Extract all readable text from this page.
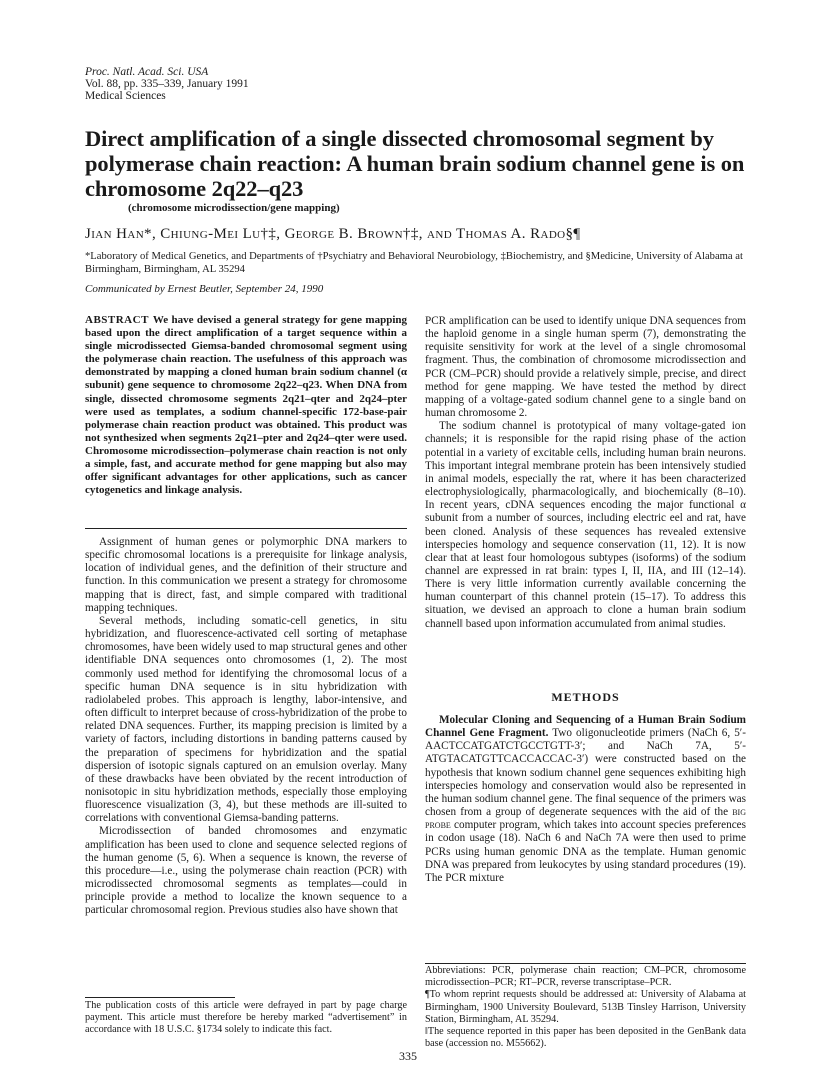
Proc. Natl. Acad. Sci. USA
Vol. 88, pp. 335–339, January 1991
Medical Sciences
Direct amplification of a single dissected chromosomal segment by polymerase chain reaction: A human brain sodium channel gene is on chromosome 2q22–q23
(chromosome microdissection/gene mapping)
Jian Han*, Chiung-Mei Lu†‡, George B. Brown†‡, and Thomas A. Rado§¶
*Laboratory of Medical Genetics, and Departments of †Psychiatry and Behavioral Neurobiology, ‡Biochemistry, and §Medicine, University of Alabama at Birmingham, Birmingham, AL 35294
Communicated by Ernest Beutler, September 24, 1990
ABSTRACT We have devised a general strategy for gene mapping based upon the direct amplification of a target sequence within a single microdissected Giemsa-banded chromosomal segment using the polymerase chain reaction. The usefulness of this approach was demonstrated by mapping a cloned human brain sodium channel (α subunit) gene sequence to chromosome 2q22–q23. When DNA from single, dissected chromosome segments 2q21–qter and 2q24–pter were used as templates, a sodium channel-specific 172-base-pair polymerase chain reaction product was obtained. This product was not synthesized when segments 2q21–pter and 2q24–qter were used. Chromosome microdissection–polymerase chain reaction is not only a simple, fast, and accurate method for gene mapping but also may offer significant advantages for other applications, such as cancer cytogenetics and linkage analysis.

Assignment of human genes or polymorphic DNA markers to specific chromosomal locations is a prerequisite for linkage analysis, location of individual genes, and the definition of their structure and function. In this communication we present a strategy for chromosome mapping that is direct, fast, and simple compared with traditional mapping techniques.

Several methods, including somatic-cell genetics, in situ hybridization, and fluorescence-activated cell sorting of metaphase chromosomes, have been widely used to map structural genes and other identifiable DNA sequences onto chromosomes (1, 2). The most commonly used method for identifying the chromosomal locus of a specific human DNA sequence is in situ hybridization with radiolabeled probes. This approach is lengthy, labor-intensive, and often difficult to interpret because of cross-hybridization of the probe to related DNA sequences. Further, its mapping precision is limited by a variety of factors, including distortions in banding patterns caused by the preparation of specimens for hybridization and the spatial dispersion of isotopic signals captured on an emulsion overlay. Many of these drawbacks have been obviated by the recent introduction of nonisotopic in situ hybridization methods, especially those employing fluorescence visualization (3, 4), but these methods are ill-suited to correlations with conventional Giemsa-banding patterns.

Microdissection of banded chromosomes and enzymatic amplification has been used to clone and sequence selected regions of the human genome (5, 6). When a sequence is known, the reverse of this procedure—i.e., using the polymerase chain reaction (PCR) with microdissected chromosomal segments as templates—could in principle provide a method to localize the known sequence to a particular chromosomal region. Previous studies also have shown that

The publication costs of this article were defrayed in part by page charge payment. This article must therefore be hereby marked “advertisement” in accordance with 18 U.S.C. §1734 solely to indicate this fact.

PCR amplification can be used to identify unique DNA sequences from the haploid genome in a single human sperm (7), demonstrating the requisite sensitivity for work at the level of a single chromosomal fragment. Thus, the combination of chromosome microdissection and PCR (CM–PCR) should provide a relatively simple, precise, and direct method for gene mapping. We have tested the method by direct mapping of a voltage-gated sodium channel gene to a single band on human chromosome 2.

The sodium channel is prototypical of many voltage-gated ion channels; it is responsible for the rapid rising phase of the action potential in a variety of excitable cells, including human brain neurons. This important integral membrane protein has been intensively studied in animal models, especially the rat, where it has been characterized electrophysiologically, pharmacologically, and biochemically (8–10). In recent years, cDNA sequences encoding the major functional α subunit from a number of sources, including electric eel and rat, have been cloned. Analysis of these sequences has revealed extensive interspecies homology and sequence conservation (11, 12). It is now clear that at least four homologous subtypes (isoforms) of the sodium channel are expressed in rat brain: types I, II, IIA, and III (12–14). There is very little information currently available concerning the human counterpart of this channel protein (15–17). To address this situation, we devised an approach to clone a human brain sodium channel‖ based upon information accumulated from animal studies.

METHODS

Molecular Cloning and Sequencing of a Human Brain Sodium Channel Gene Fragment. Two oligonucleotide primers (NaCh 6, 5′-AACTCCATGATCTGCCTGTT-3′; and NaCh 7A, 5′-ATGTACATGTTCACCACCAC-3′) were constructed based on the hypothesis that known sodium channel gene sequences exhibiting high interspecies homology and conservation would also be represented in the human sodium channel gene. The final sequence of the primers was chosen from a group of degenerate sequences with the aid of the big probe computer program, which takes into account species preferences in codon usage (18). NaCh 6 and NaCh 7A were then used to prime PCRs using human genomic DNA as the template. Human genomic DNA was prepared from leukocytes by using standard procedures (19). The PCR mixture

Abbreviations: PCR, polymerase chain reaction; CM–PCR, chromosome microdissection–PCR; RT–PCR, reverse transcriptase–PCR.

¶To whom reprint requests should be addressed at: University of Alabama at Birmingham, 1900 University Boulevard, 513B Tinsley Harrison, University Station, Birmingham, AL 35294.

‖The sequence reported in this paper has been deposited in the GenBank data base (accession no. M55662).

335
